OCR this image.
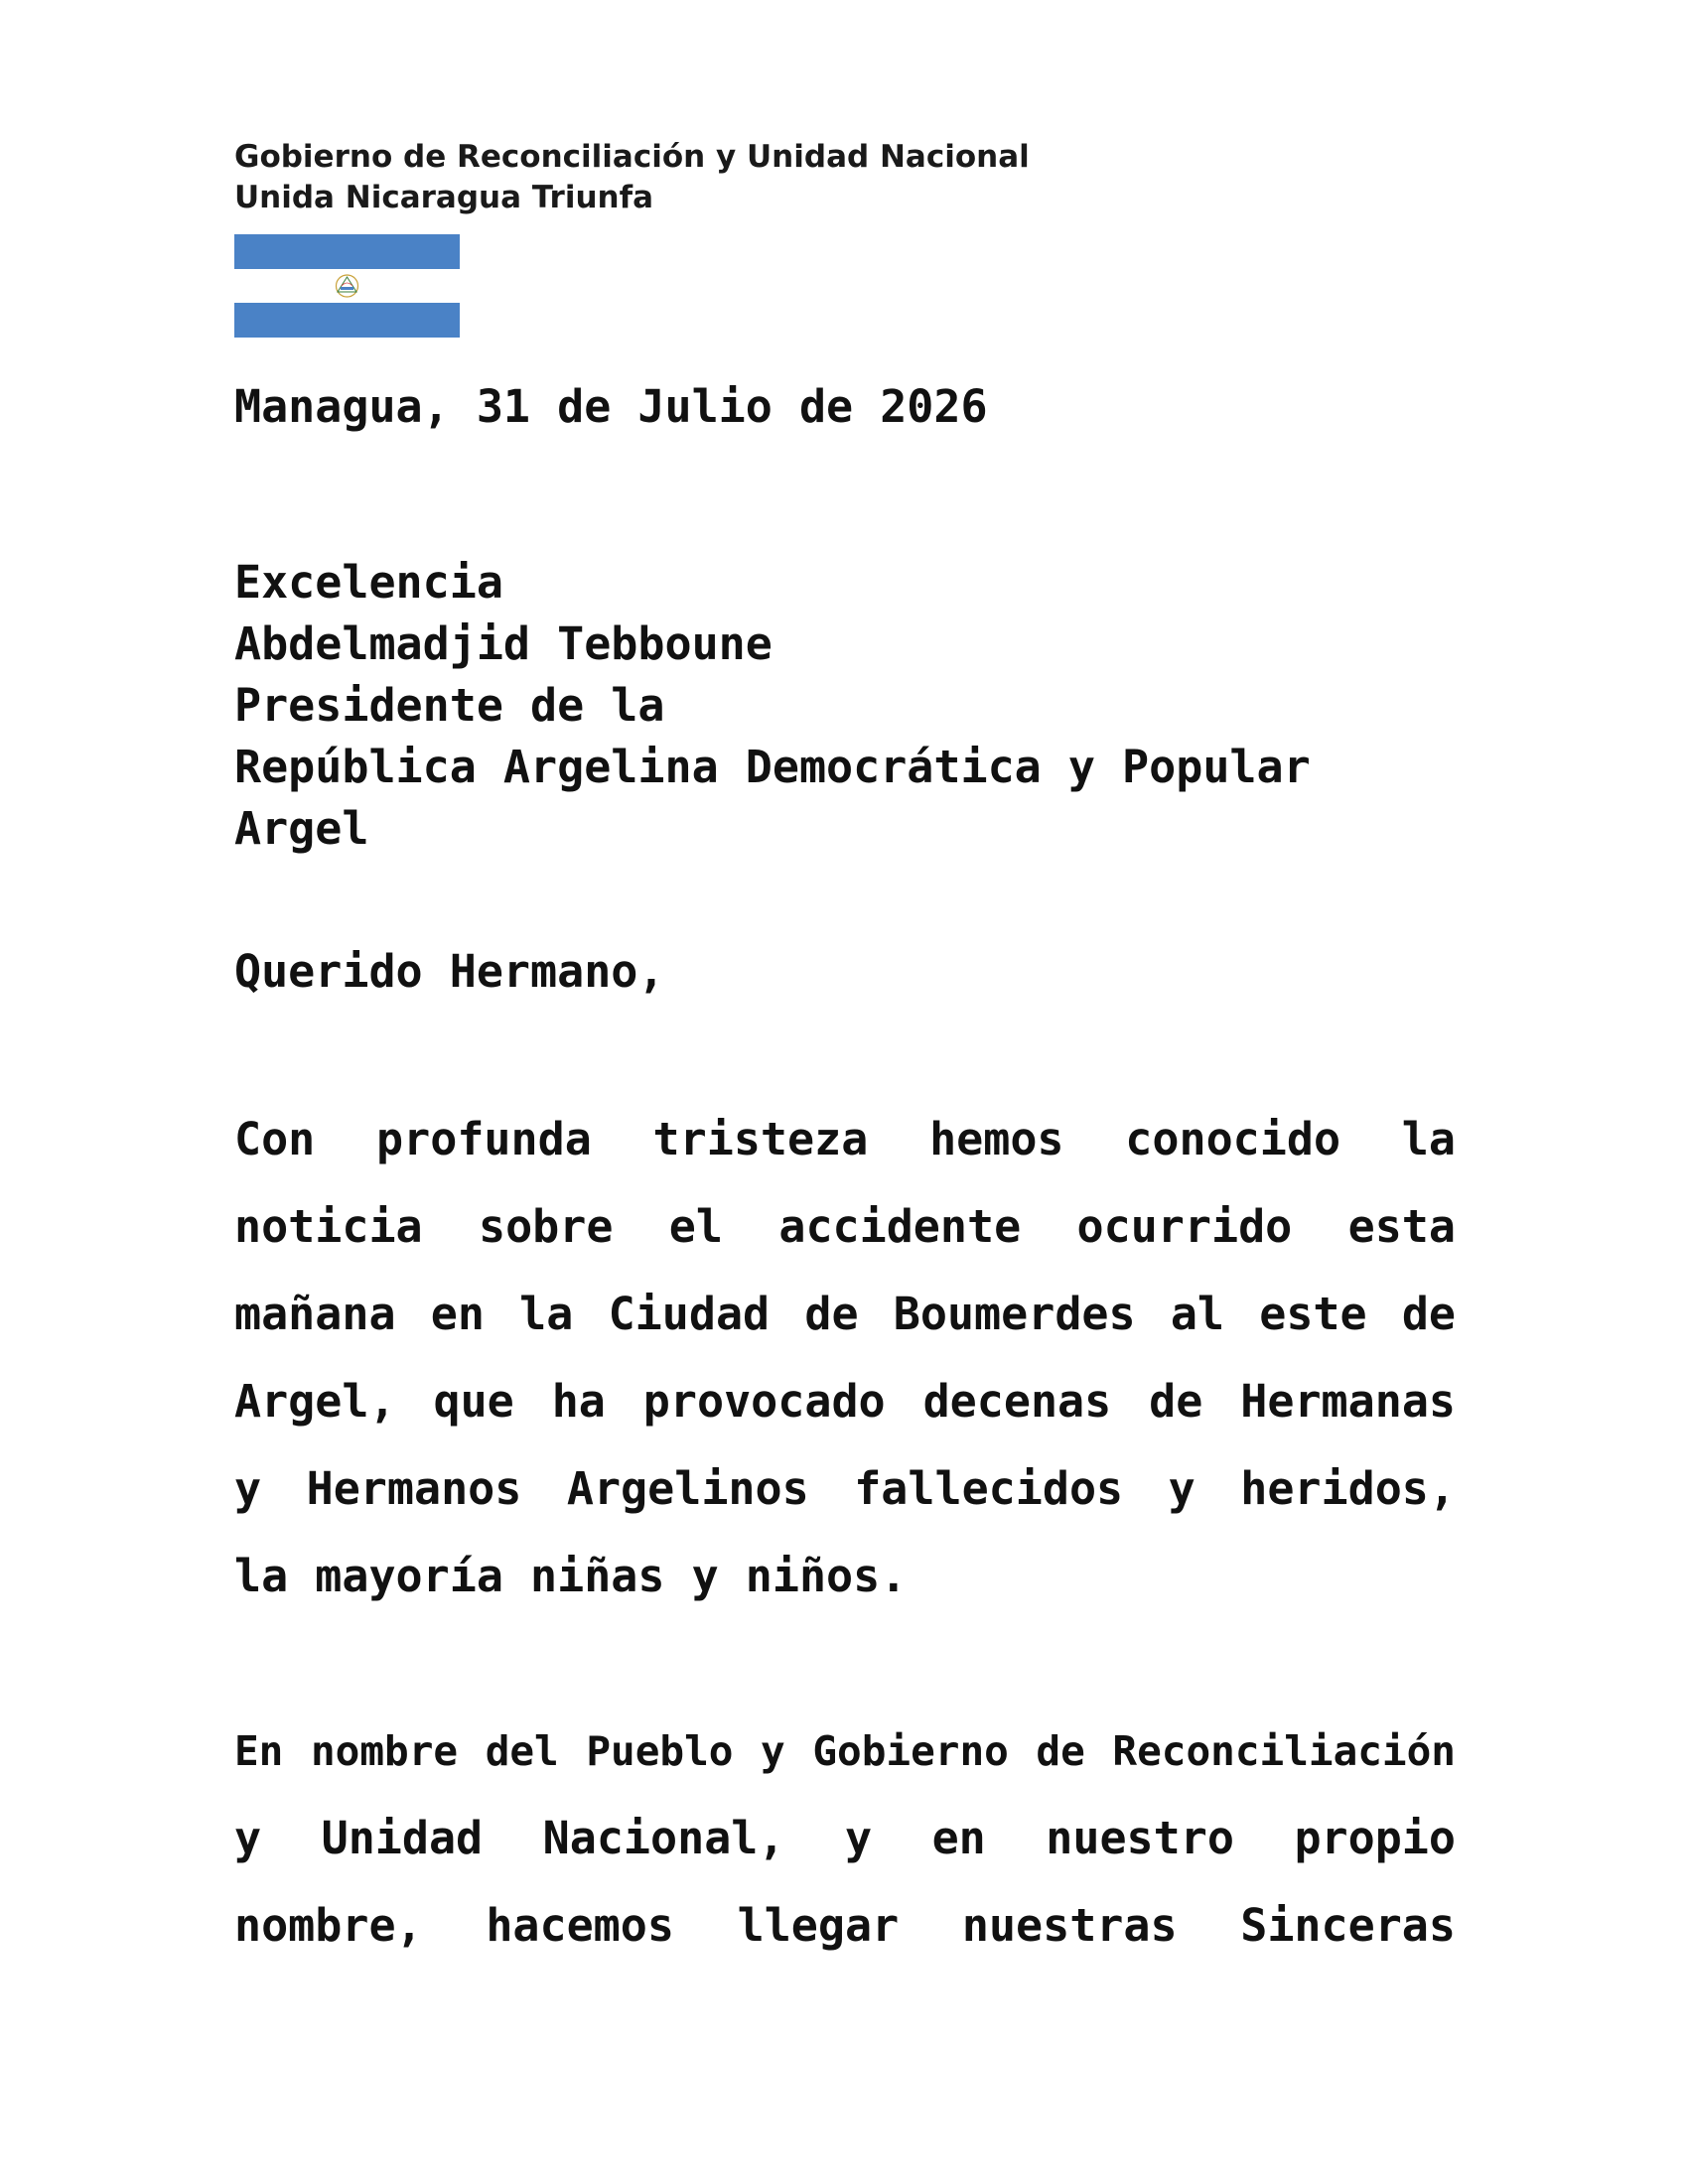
Gobierno de Reconciliación y Unidad Nacional
Unida Nicaragua Triunfa
Managua, 31 de Julio de 2026
Excelencia
Abdelmadjid Tebboune
Presidente de la
República Argelina Democrática y Popular
Argel
Querido Hermano,
Con profunda tristeza hemos conocido la
noticia sobre el accidente ocurrido esta
mañana en la Ciudad de Boumerdes al este de
Argel, que ha provocado decenas de Hermanas
y Hermanos Argelinos fallecidos y heridos,
la mayoría niñas y niños.
En nombre del Pueblo y Gobierno de Reconciliación
y Unidad Nacional, y en nuestro propio
nombre, hacemos llegar nuestras Sinceras
